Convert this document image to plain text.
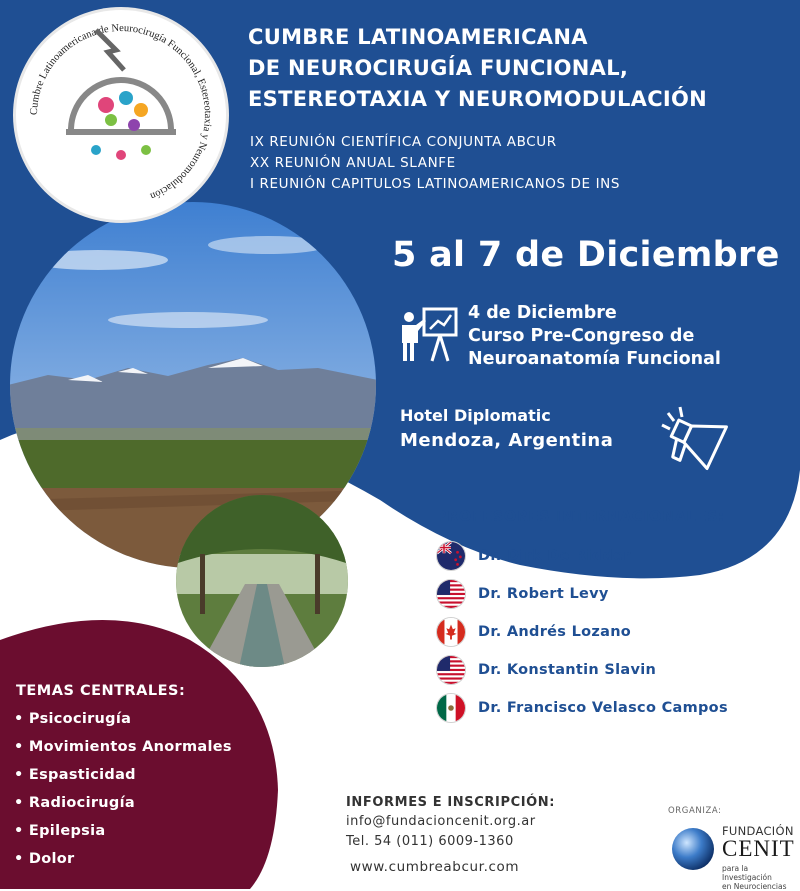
Cumbre Latinoamericana de Neurocirugía Funcional, Estereotaxia y Neuromodulación
CUMBRE LATINOAMERICANA
DE NEUROCIRUGÍA FUNCIONAL,
ESTEREOTAXIA Y NEUROMODULACIÓN
IX REUNIÓN CIENTÍFICA CONJUNTA ABCUR
XX REUNIÓN ANUAL SLANFE
I REUNIÓN CAPITULOS LATINOAMERICANOS DE INS
5 al 7 de Diciembre
4 de Diciembre
Curso Pre-Congreso de
Neuroanatomía Funcional
Hotel Diplomatic
Mendoza, Argentina
PROFESORES INTERNACIONALES:
Dr. Dirk De Ridder
Dr. Robert Levy
Dr. Andrés Lozano
Dr. Konstantin Slavin
Dr. Francisco Velasco Campos
TEMAS CENTRALES:
• Psicocirugía
• Movimientos Anormales
• Espasticidad
• Radiocirugía
• Epilepsia
• Dolor
INFORMES E INSCRIPCIÓN:
info@fundacioncenit.org.ar
Tel. 54 (011) 6009-1360
www.cumbreabcur.com
ORGANIZA:
FUNDACIÓN
CENIT
para la Investigación
en Neurociencias
